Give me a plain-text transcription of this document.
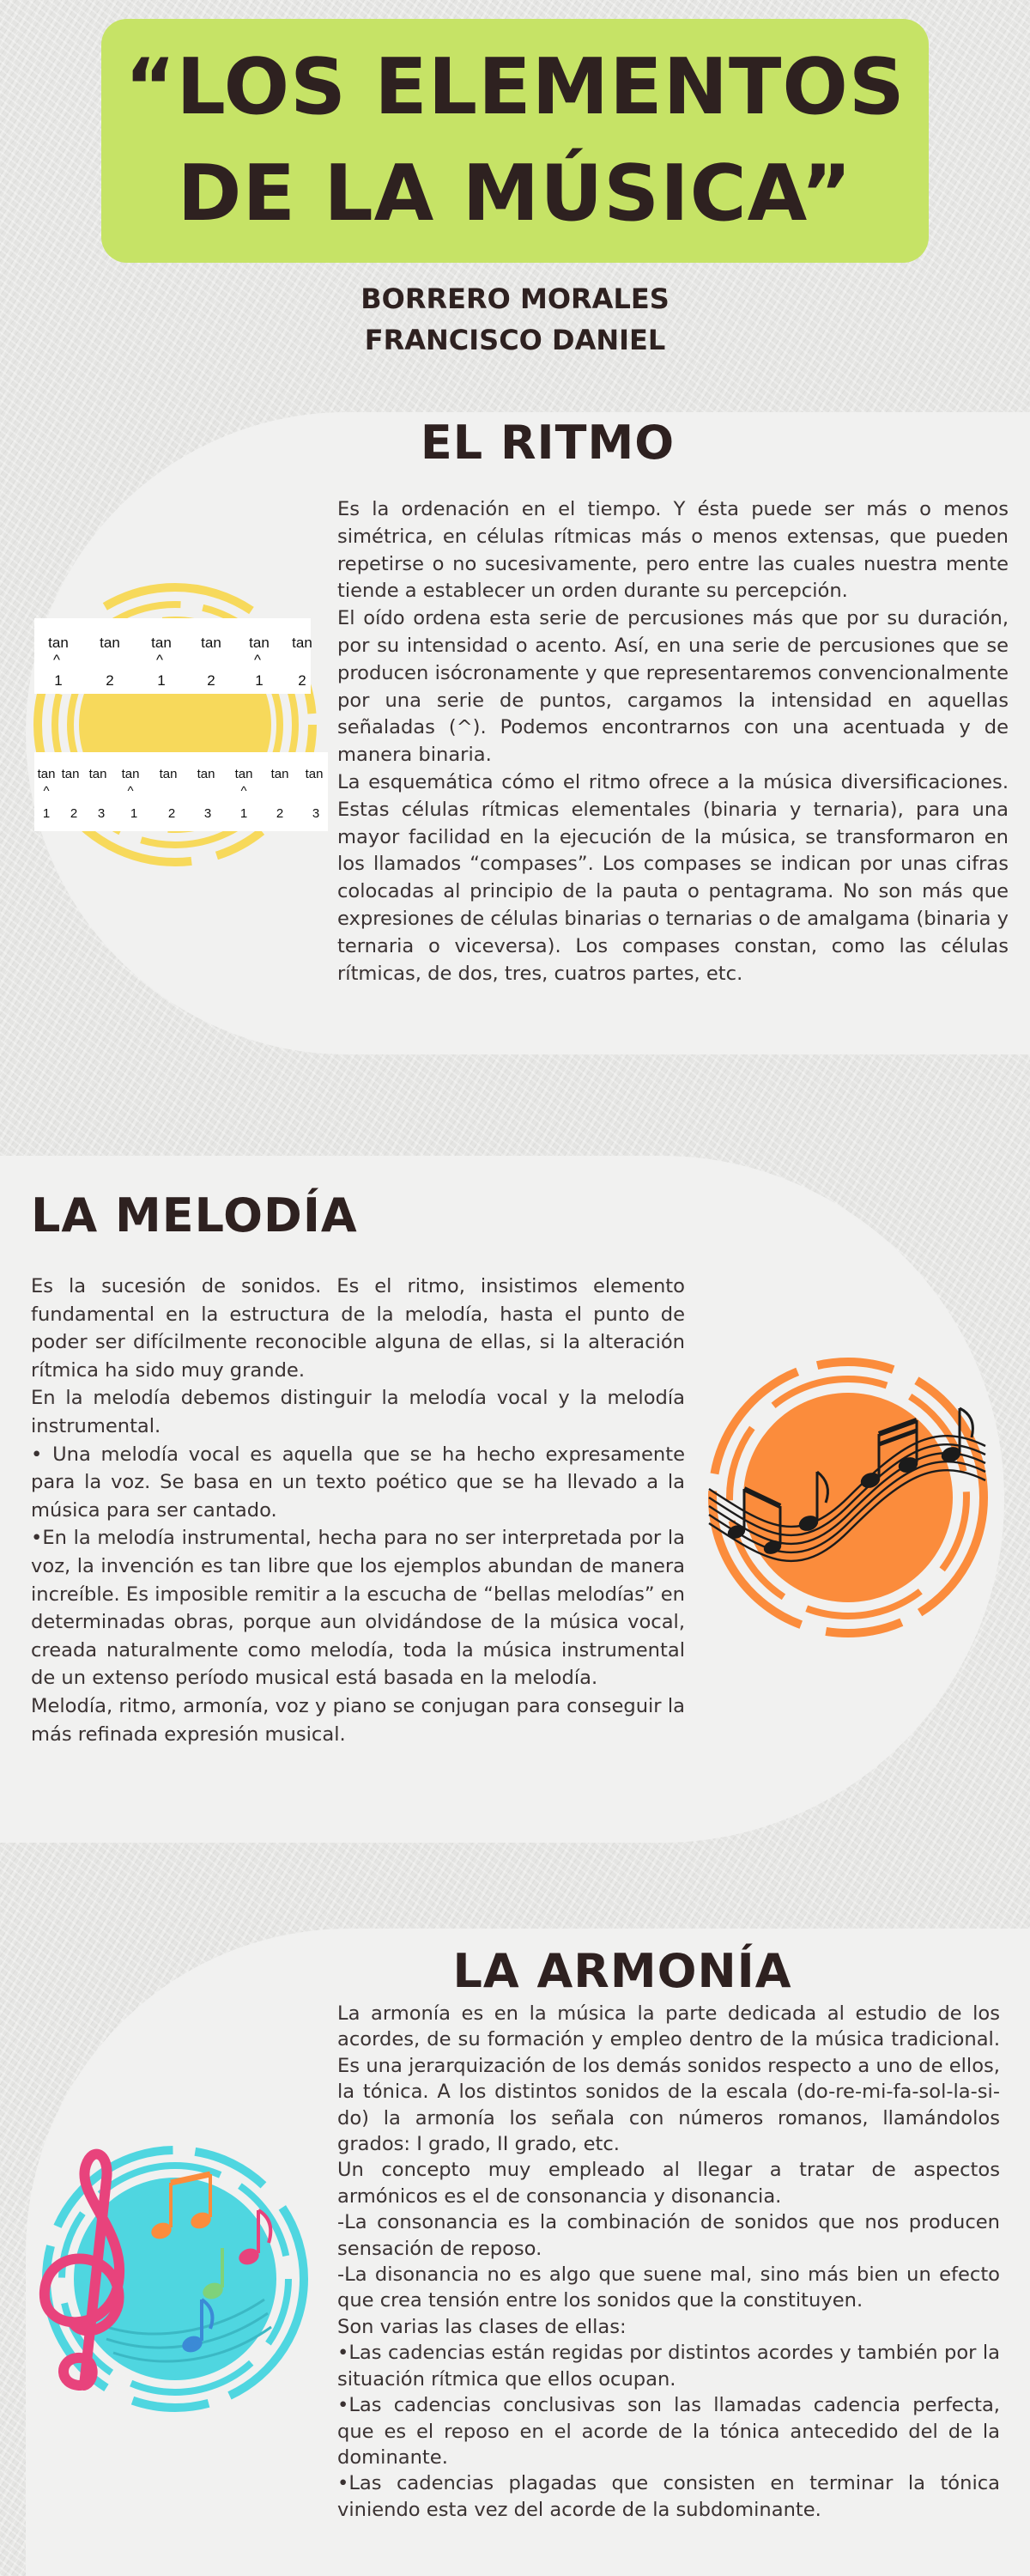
“LOS ELEMENTOS
DE LA MÚSICA”
BORRERO MORALES
FRANCISCO DANIEL
EL RITMO
tan tan tan tan tan tan
^	^	^
1	2	1	2	1 2
tan tan tan tan tan tan tan tan tan
^	^	^
1 2 3 1 2 3 1 2 3
Es la ordenación en el tiempo. Y ésta puede ser más o menos simétrica, en células rítmicas más o menos extensas, que pueden repetirse o no sucesivamente, pero entre las cuales nuestra mente tiende a establecer un orden durante su percepción.
El oído ordena esta serie de percusiones más que por su duración, por su intensidad o acento. Así, en una serie de percusiones que se producen isócronamente y que representaremos convencionalmente por una serie de puntos, cargamos la intensidad en aquellas señaladas (^). Podemos encontrarnos con una acentuada y de manera binaria.
La esquemática cómo el ritmo ofrece a la música diversificaciones. Estas células rítmicas elementales (binaria y ternaria), para una mayor facilidad en la ejecución de la música, se transformaron en los llamados “compases”. Los compases se indican por unas cifras colocadas al principio de la pauta o pentagrama. No son más que expresiones de células binarias o ternarias o de amalgama (binaria y ternaria o viceversa). Los compases constan, como las células rítmicas, de dos, tres, cuatros partes, etc.
LA MELODÍA
Es la sucesión de sonidos. Es el ritmo, insistimos elemento fundamental en la estructura de la melodía, hasta el punto de poder ser difícilmente reconocible alguna de ellas, si la alteración rítmica ha sido muy grande.
En la melodía debemos distinguir la melodía vocal y la melodía instrumental.
• Una melodía vocal es aquella que se ha hecho expresamente para la voz. Se basa en un texto poético que se ha llevado a la música para ser cantado.
•En la melodía instrumental, hecha para no ser interpretada por la voz, la invención es tan libre que los ejemplos abundan de manera increíble. Es imposible remitir a la escucha de “bellas melodías” en determinadas obras, porque aun olvidándose de la música vocal, creada naturalmente como melodía, toda la música instrumental de un extenso período musical está basada en la melodía.
Melodía, ritmo, armonía, voz y piano se conjugan para conseguir la más refinada expresión musical.
LA ARMONÍA
La armonía es en la música la parte dedicada al estudio de los acordes, de su formación y empleo dentro de la música tradicional. Es una jerarquización de los demás sonidos respecto a uno de ellos, la tónica. A los distintos sonidos de la escala (do-re-mi-fa-sol-la-si-do) la armonía los señala con números romanos, llamándolos grados: I grado, II grado, etc.
Un concepto muy empleado al llegar a tratar de aspectos armónicos es el de consonancia y disonancia.
-La consonancia es la combinación de sonidos que nos producen sensación de reposo.
-La disonancia no es algo que suene mal, sino más bien un efecto que crea tensión entre los sonidos que la constituyen.
Son varias las clases de ellas:
•Las cadencias están regidas por distintos acordes y también por la situación rítmica que ellos ocupan.
•Las cadencias conclusivas son las llamadas cadencia perfecta, que es el reposo en el acorde de la tónica antecedido del de la dominante.
•Las cadencias plagadas que consisten en terminar la tónica viniendo esta vez del acorde de la subdominante.
